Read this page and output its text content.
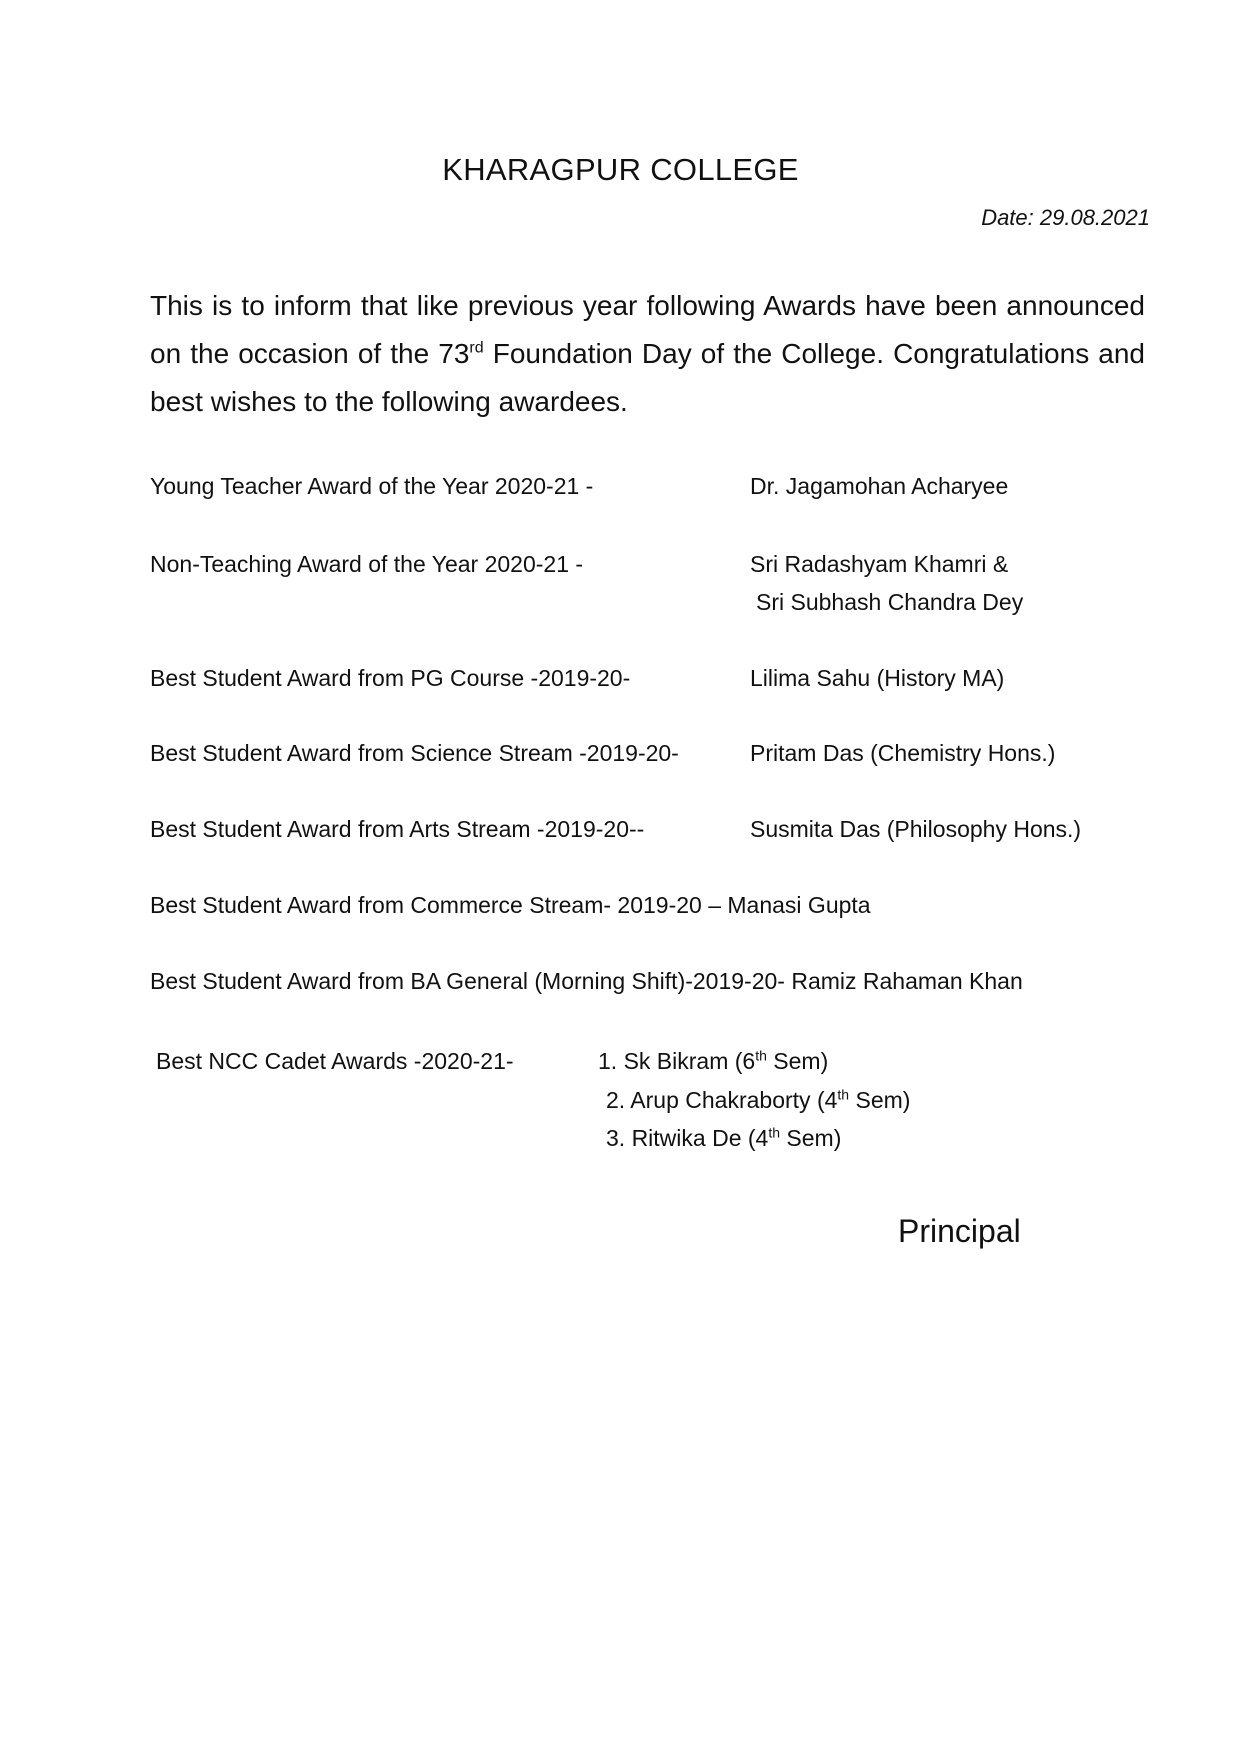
KHARAGPUR COLLEGE
Date: 29.08.2021

This is to inform that like previous year following Awards have been announced on the occasion of the 73rd Foundation Day of the College. Congratulations and best wishes to the following awardees.

Young Teacher Award of the Year 2020-21 -	Dr. Jagamohan Acharyee
Non-Teaching Award of the Year 2020-21 -	Sri Radashyam Khamri &
Sri Subhash Chandra Dey
Best Student Award from PG Course -2019-20-	Lilima Sahu (History MA)
Best Student Award from Science Stream -2019-20-	Pritam Das (Chemistry Hons.)
Best Student Award from Arts Stream -2019-20--	Susmita Das (Philosophy Hons.)
Best Student Award from Commerce Stream- 2019-20 – Manasi Gupta
Best Student Award from BA General (Morning Shift)-2019-20- Ramiz Rahaman Khan
Best NCC Cadet Awards -2020-21-	1. Sk Bikram (6th Sem)
2. Arup Chakraborty (4th Sem)
3. Ritwika De (4th Sem)
Principal
